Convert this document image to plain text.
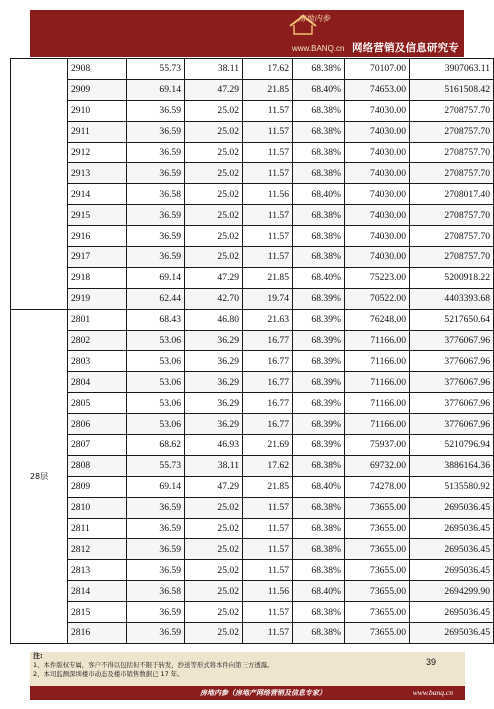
房地内参
www.BANQ.cn 网络营销及信息研究专
	2908	55.73	38.11	17.62	68.38%	70107.00	3907063.11
	2909	69.14	47.29	21.85	68.40%	74653.00	5161508.42
	2910	36.59	25.02	11.57	68.38%	74030.00	2708757.70
	2911	36.59	25.02	11.57	68.38%	74030.00	2708757.70
	2912	36.59	25.02	11.57	68.38%	74030.00	2708757.70
	2913	36.59	25.02	11.57	68.38%	74030.00	2708757.70
	2914	36.58	25.02	11.56	68.40%	74030.00	2708017.40
	2915	36.59	25.02	11.57	68.38%	74030.00	2708757.70
	2916	36.59	25.02	11.57	68.38%	74030.00	2708757.70
	2917	36.59	25.02	11.57	68.38%	74030.00	2708757.70
	2918	69.14	47.29	21.85	68.40%	75223.00	5200918.22
	2919	62.44	42.70	19.74	68.39%	70522.00	4403393.68
28层	2801	68.43	46.80	21.63	68.39%	76248.00	5217650.64
	2802	53.06	36.29	16.77	68.39%	71166.00	3776067.96
	2803	53.06	36.29	16.77	68.39%	71166.00	3776067.96
	2804	53.06	36.29	16.77	68.39%	71166.00	3776067.96
	2805	53.06	36.29	16.77	68.39%	71166.00	3776067.96
	2806	53.06	36.29	16.77	68.39%	71166.00	3776067.96
	2807	68.62	46.93	21.69	68.39%	75937.00	5210796.94
	2808	55.73	38.11	17.62	68.38%	69732.00	3886164.36
	2809	69.14	47.29	21.85	68.40%	74278.00	5135580.92
	2810	36.59	25.02	11.57	68.38%	73655.00	2695036.45
	2811	36.59	25.02	11.57	68.38%	73655.00	2695036.45
	2812	36.59	25.02	11.57	68.38%	73655.00	2695036.45
	2813	36.59	25.02	11.57	68.38%	73655.00	2695036.45
	2814	36.58	25.02	11.56	68.40%	73655.00	2694299.90
	2815	36.59	25.02	11.57	68.38%	73655.00	2695036.45
	2816	36.59	25.02	11.57	68.38%	73655.00	2695036.45
注:
1、本件版权专属，客户不得以包括但不限于转发、抄送等形式将本件向第三方透露。
2、本司监测深圳楼市动态及楼市销售数据已 17 年。
39
房地内参（房地产网络营销及信息专家）	www.banq.cn
